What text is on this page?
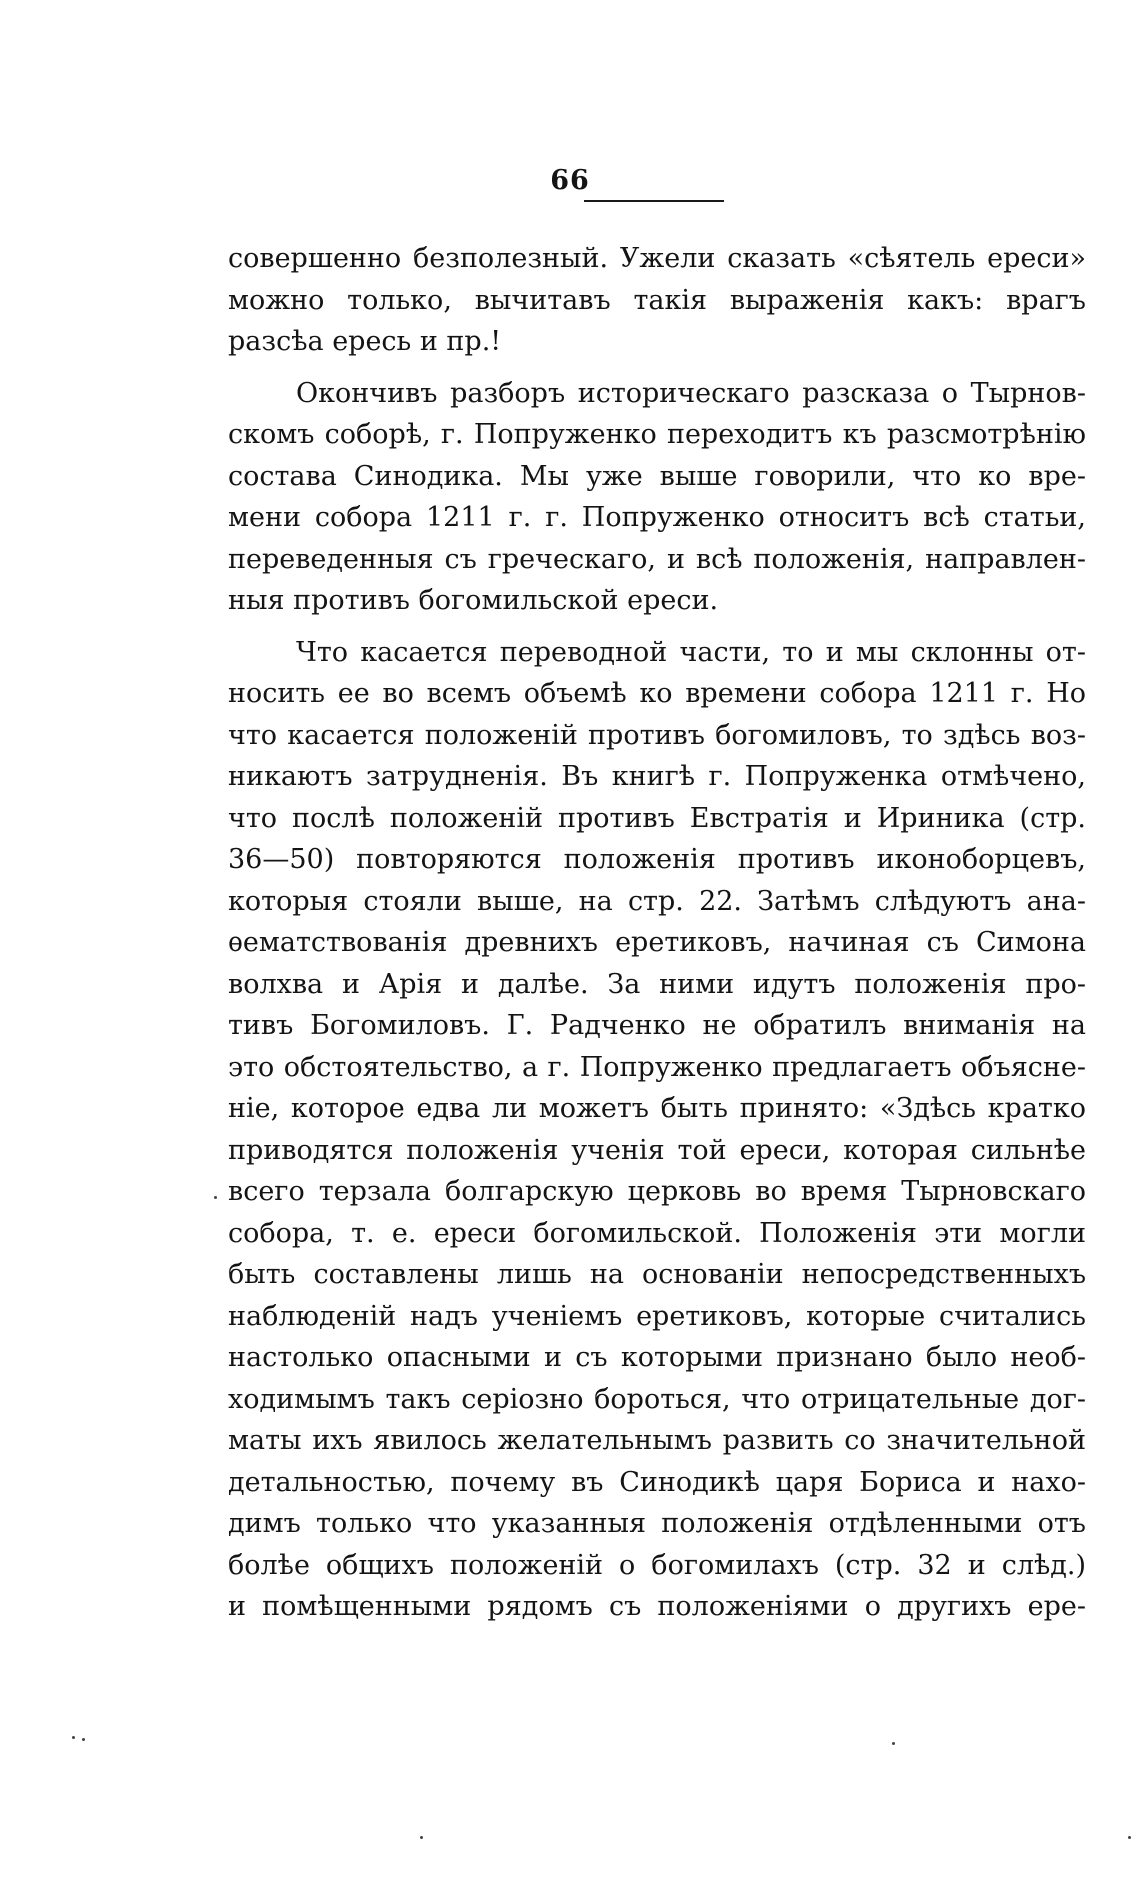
66

совершенно безполезный. Ужели сказать «сѣятель ереси»
можно только, вычитавъ такія выраженія какъ: врагъ
разсѣа ересь и пр.!

Окончивъ разборъ историческаго разсказа о Тырнов-
скомъ соборѣ, г. Попруженко переходитъ къ разсмотрѣнію
состава Синодика. Мы уже выше говорили, что ко вре-
мени собора 1211 г. г. Попруженко относитъ всѣ статьи,
переведенныя съ греческаго, и всѣ положенія, направлен-
ныя противъ богомильской ереси.

Что касается переводной части, то и мы склонны от-
носить ее во всемъ объемѣ ко времени собора 1211 г. Но
что касается положеній противъ богомиловъ, то здѣсь воз-
никаютъ затрудненія. Въ книгѣ г. Попруженка отмѣчено,
что послѣ положеній противъ Евстратія и Ириника (стр.
36—50) повторяются положенія противъ иконоборцевъ,
которыя стояли выше, на стр. 22. Затѣмъ слѣдуютъ ана-
ѳематствованія древнихъ еретиковъ, начиная съ Симона
волхва и Арія и далѣе. За ними идутъ положенія про-
тивъ Богомиловъ. Г. Радченко не обратилъ вниманія на
это обстоятельство, а г. Попруженко предлагаетъ объясне-
ніе, которое едва ли можетъ быть принято: «Здѣсь кратко
приводятся положенія ученія той ереси, которая сильнѣе
всего терзала болгарскую церковь во время Тырновскаго
собора, т. е. ереси богомильской. Положенія эти могли
быть составлены лишь на основаніи непосредственныхъ
наблюденій надъ ученіемъ еретиковъ, которые считались
настолько опасными и съ которыми признано было необ-
ходимымъ такъ серіозно бороться, что отрицательные дог-
маты ихъ явилось желательнымъ развить со значительной
детальностью, почему въ Синодикѣ царя Бориса и нахо-
димъ только что указанныя положенія отдѣленными отъ
болѣе общихъ положеній о богомилахъ (стр. 32 и слѣд.)
и помѣщенными рядомъ съ положеніями о другихъ ере-
